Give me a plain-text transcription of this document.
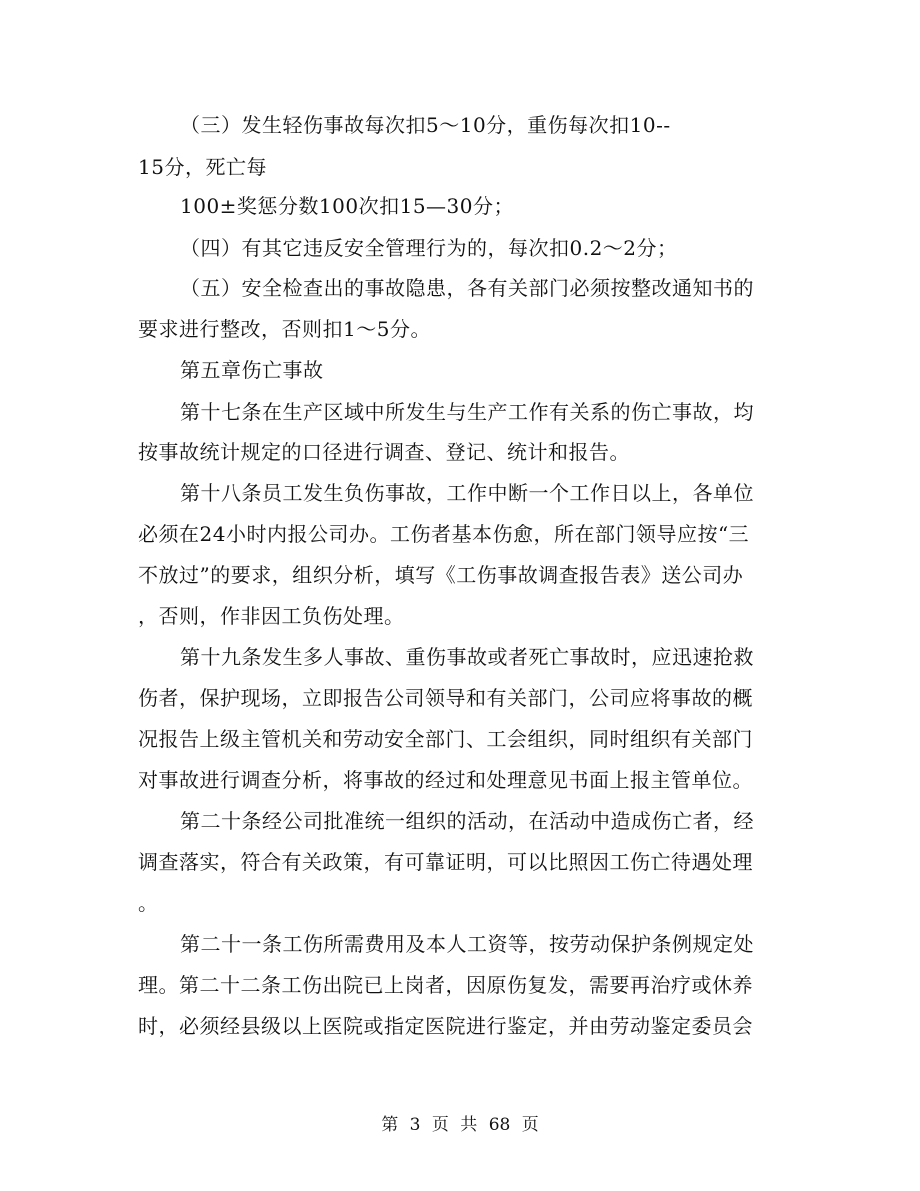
（三）发生轻伤事故每次扣5～10分，重伤每次扣10--
15分，死亡每
100±奖惩分数100次扣15—30分；
（四）有其它违反安全管理行为的，每次扣0.2～2分；
（五）安全检查出的事故隐患，各有关部门必须按整改通知书的
要求进行整改，否则扣1～5分。
第五章伤亡事故
第十七条在生产区域中所发生与生产工作有关系的伤亡事故，均
按事故统计规定的口径进行调查、登记、统计和报告。
第十八条员工发生负伤事故，工作中断一个工作日以上，各单位
必须在24小时内报公司办。工伤者基本伤愈，所在部门领导应按“三
不放过”的要求，组织分析，填写《工伤事故调查报告表》送公司办
，否则，作非因工负伤处理。
第十九条发生多人事故、重伤事故或者死亡事故时，应迅速抢救
伤者，保护现场，立即报告公司领导和有关部门，公司应将事故的概
况报告上级主管机关和劳动安全部门、工会组织，同时组织有关部门
对事故进行调查分析，将事故的经过和处理意见书面上报主管单位。
第二十条经公司批准统一组织的活动，在活动中造成伤亡者，经
调查落实，符合有关政策，有可靠证明，可以比照因工伤亡待遇处理
。
第二十一条工伤所需费用及本人工资等，按劳动保护条例规定处
理。第二十二条工伤出院已上岗者，因原伤复发，需要再治疗或休养
时，必须经县级以上医院或指定医院进行鉴定，并由劳动鉴定委员会
第 3 页 共 68 页
